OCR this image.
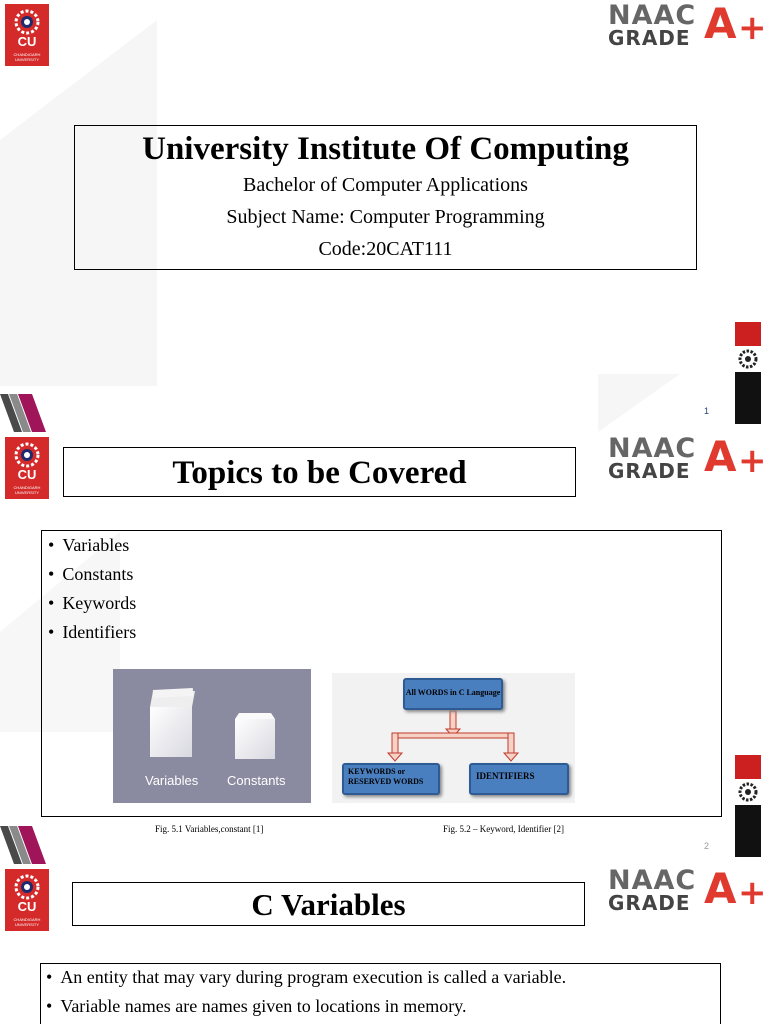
CU
CHANDIGARH UNIVERSITY
NAAC
GRADE A +
University Institute Of Computing
Bachelor of Computer Applications
Subject Name: Computer Programming
Code:20CAT111
1
CU
CHANDIGARH UNIVERSITY
NAAC
GRADE A +
Topics to be Covered
• Variables
• Constants
• Keywords
• Identifiers
Variables Constants
All WORDS in C Language
KEYWORDS or
RESERVED WORDS
IDENTIFIERS
Fig. 5.1 Variables,constant [1]	Fig. 5.2 – Keyword, Identifier [2]
2
CU
CHANDIGARH UNIVERSITY
NAAC
GRADE A +
C Variables
• An entity that may vary during program execution is called a variable.
• Variable names are names given to locations in memory.
